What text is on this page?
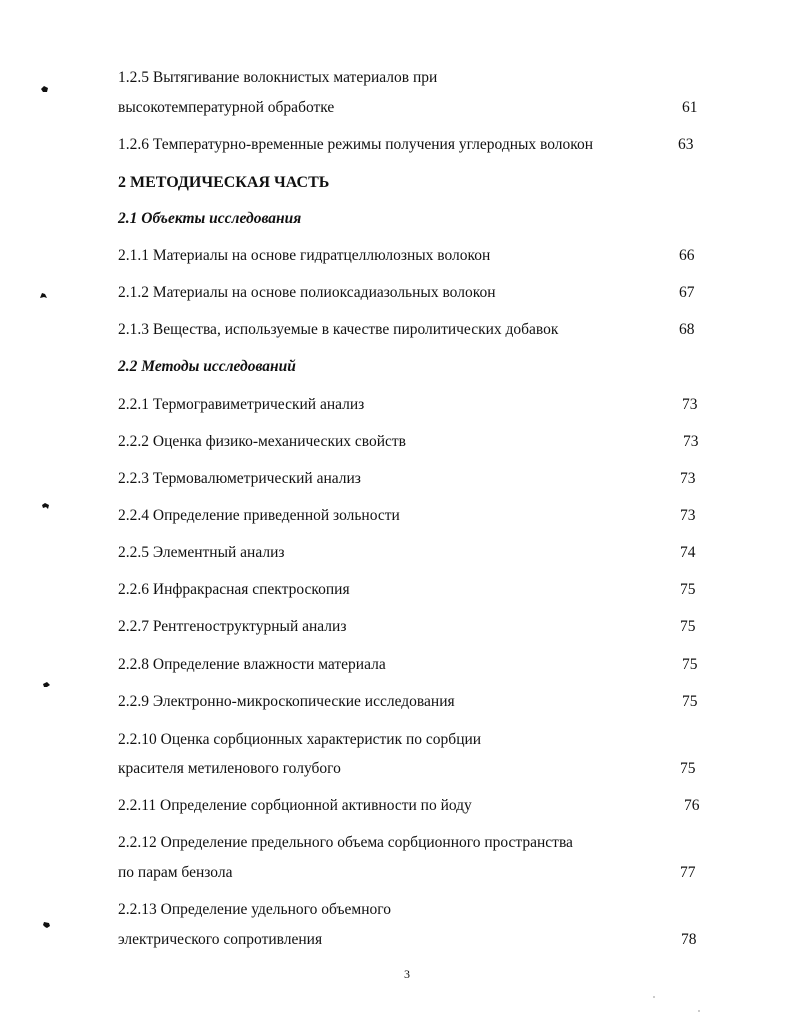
1.2.5 Вытягивание волокнистых материалов при
высокотемпературной обработке	61
1.2.6 Температурно-временные режимы получения углеродных волокон	63
2 МЕТОДИЧЕСКАЯ ЧАСТЬ
2.1 Объекты исследования
2.1.1 Материалы на основе гидратцеллюлозных волокон	66
2.1.2 Материалы на основе полиоксадиазольных волокон	67
2.1.3 Вещества, используемые в качестве пиролитических добавок	68
2.2 Методы исследований
2.2.1 Термогравиметрический анализ	73
2.2.2 Оценка физико-механических свойств	73
2.2.3 Термовалюметрический анализ	73
2.2.4 Определение приведенной зольности	73
2.2.5 Элементный анализ	74
2.2.6 Инфракрасная спектроскопия	75
2.2.7 Рентгеноструктурный анализ	75
2.2.8 Определение влажности материала	75
2.2.9 Электронно-микроскопические исследования	75
2.2.10 Оценка сорбционных характеристик по сорбции
красителя метиленового голубого	75
2.2.11 Определение сорбционной активности по йоду	76
2.2.12 Определение предельного объема сорбционного пространства
по парам бензола	77
2.2.13 Определение удельного объемного
электрического сопротивления	78
3
